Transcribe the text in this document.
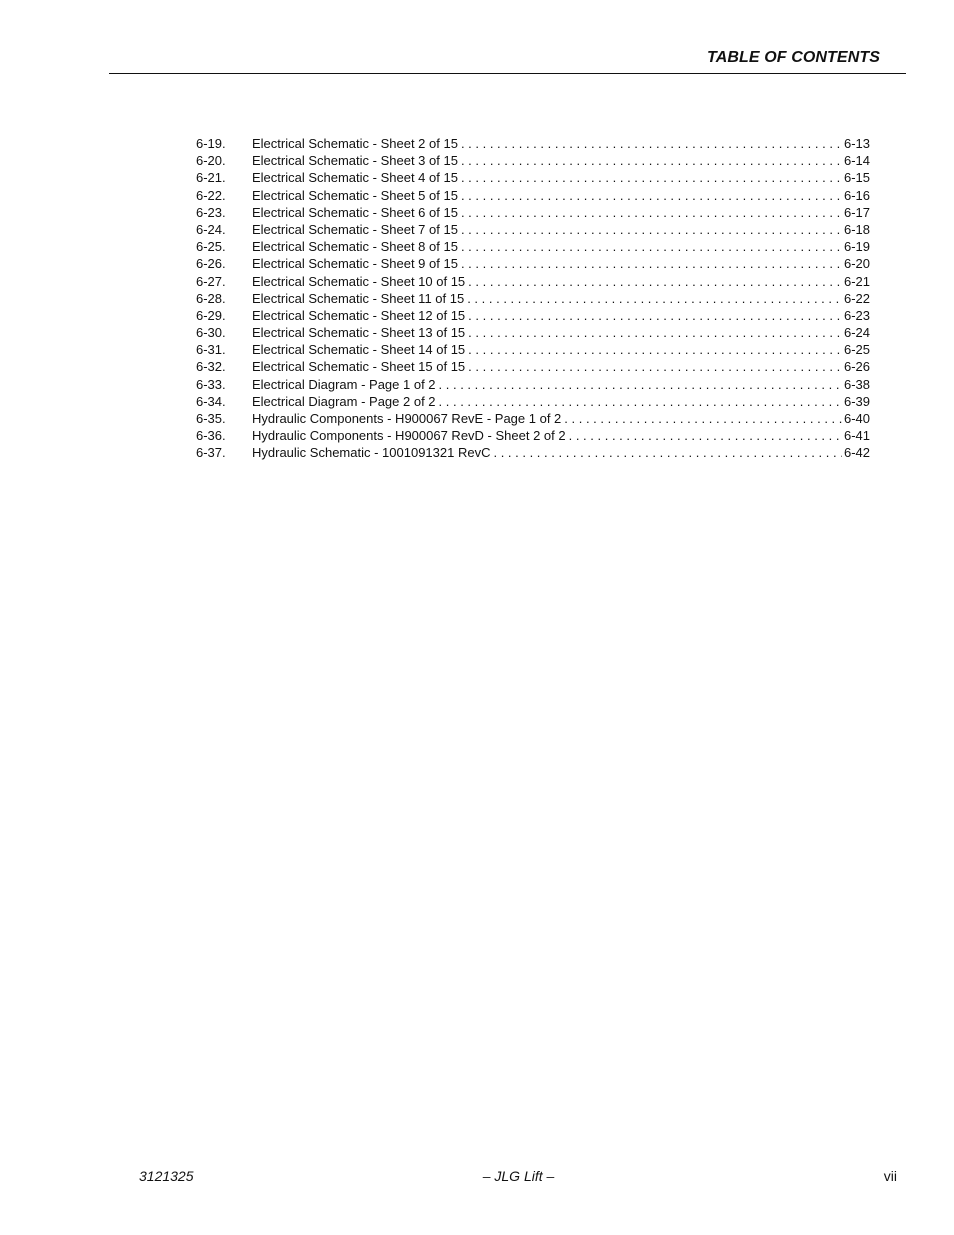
TABLE OF CONTENTS
6-19.	Electrical Schematic - Sheet 2 of 15 . . .	6-13
6-20.	Electrical Schematic - Sheet 3 of 15 . . .	6-14
6-21.	Electrical Schematic - Sheet 4 of 15 . . .	6-15
6-22.	Electrical Schematic - Sheet 5 of 15 . . .	6-16
6-23.	Electrical Schematic - Sheet 6 of 15 . . .	6-17
6-24.	Electrical Schematic - Sheet 7 of 15 . . .	6-18
6-25.	Electrical Schematic - Sheet 8 of 15 . . .	6-19
6-26.	Electrical Schematic - Sheet 9 of 15 . . .	6-20
6-27.	Electrical Schematic - Sheet 10 of 15 . . .	6-21
6-28.	Electrical Schematic - Sheet 11 of 15 . . .	6-22
6-29.	Electrical Schematic - Sheet 12 of 15 . . .	6-23
6-30.	Electrical Schematic - Sheet 13 of 15 . . .	6-24
6-31.	Electrical Schematic - Sheet 14 of 15 . . .	6-25
6-32.	Electrical Schematic - Sheet 15 of 15 . . .	6-26
6-33.	Electrical Diagram - Page 1 of 2 . . .	6-38
6-34.	Electrical Diagram - Page 2 of 2 . . .	6-39
6-35.	Hydraulic Components - H900067 RevE - Page 1 of 2 . . .	6-40
6-36.	Hydraulic Components - H900067 RevD - Sheet 2 of 2 . . .	6-41
6-37.	Hydraulic Schematic - 1001091321 RevC . . .	6-42
3121325	– JLG Lift –	vii
